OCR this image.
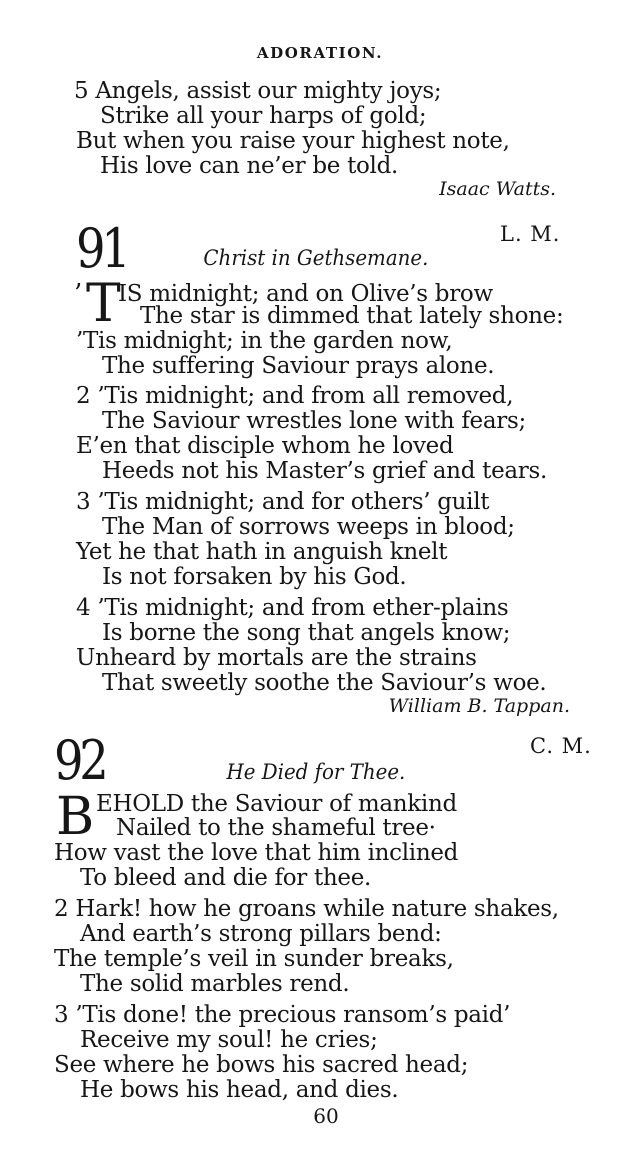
ADORATION.
5 Angels, assist our mighty joys;
Strike all your harps of gold;
But when you raise your highest note,
His love can ne’er be told.
Isaac Watts.
91	L. M.
Christ in Gethsemane.
’ T
IS midnight; and on Olive’s brow
The star is dimmed that lately shone:
’Tis midnight; in the garden now,
The suffering Saviour prays alone.
2 ’Tis midnight; and from all removed,
The Saviour wrestles lone with fears;
E’en that disciple whom he loved
Heeds not his Master’s grief and tears.
3 ’Tis midnight; and for others’ guilt
The Man of sorrows weeps in blood;
Yet he that hath in anguish knelt
Is not forsaken by his God.
4 ’Tis midnight; and from ether-plains
Is borne the song that angels know;
Unheard by mortals are the strains
That sweetly soothe the Saviour’s woe.
William B. Tappan.
92	C. M.
He Died for Thee.
B EHOLD the Saviour of mankind
Nailed to the shameful tree·
How vast the love that him inclined
To bleed and die for thee.
2 Hark! how he groans while nature shakes,
And earth’s strong pillars bend:
The temple’s veil in sunder breaks,
The solid marbles rend.
3 ’Tis done! the precious ransom’s paid’
Receive my soul! he cries;
See where he bows his sacred head;
He bows his head, and dies.
60
